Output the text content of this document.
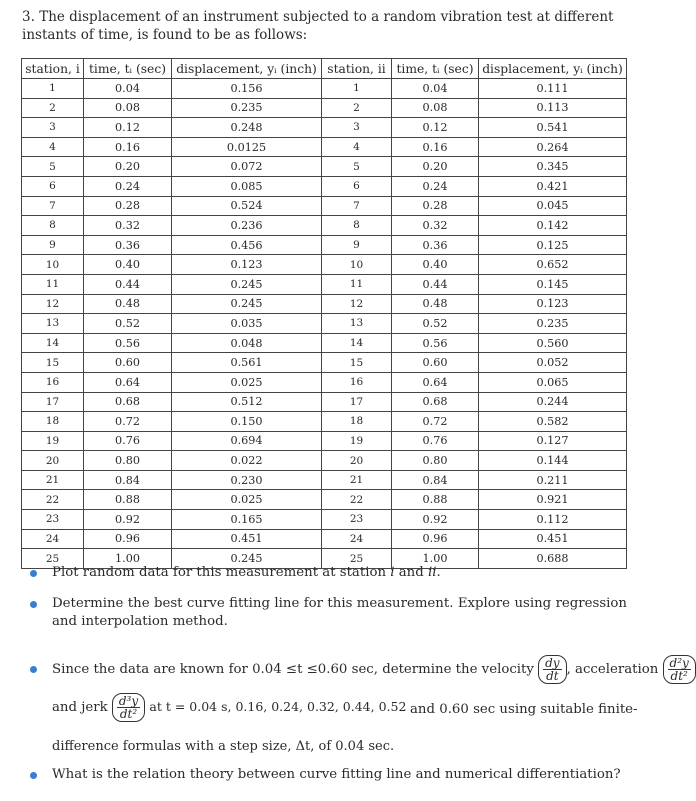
3. The displacement of an instrument subjected to a random vibration test at different instants of time, is found to be as follows:
station, i	time, tᵢ (sec)	displacement, yᵢ (inch)	station, ii	time, tᵢ (sec)	displacement, yᵢ (inch)
1	0.04	0.156	1	0.04	0.111
2	0.08	0.235	2	0.08	0.113
3	0.12	0.248	3	0.12	0.541
4	0.16	0.0125	4	0.16	0.264
5	0.20	0.072	5	0.20	0.345
6	0.24	0.085	6	0.24	0.421
7	0.28	0.524	7	0.28	0.045
8	0.32	0.236	8	0.32	0.142
9	0.36	0.456	9	0.36	0.125
10	0.40	0.123	10	0.40	0.652
11	0.44	0.245	11	0.44	0.145
12	0.48	0.245	12	0.48	0.123
13	0.52	0.035	13	0.52	0.235
14	0.56	0.048	14	0.56	0.560
15	0.60	0.561	15	0.60	0.052
16	0.64	0.025	16	0.64	0.065
17	0.68	0.512	17	0.68	0.244
18	0.72	0.150	18	0.72	0.582
19	0.76	0.694	19	0.76	0.127
20	0.80	0.022	20	0.80	0.144
21	0.84	0.230	21	0.84	0.211
22	0.88	0.025	22	0.88	0.921
23	0.92	0.165	23	0.92	0.112
24	0.96	0.451	24	0.96	0.451
25	1.00	0.245	25	1.00	0.688
Plot random data for this measurement at station i and ii.
Determine the best curve fitting line for this measurement. Explore using regression and interpolation method.
Since the data are known for 0.04 ≤t ≤0.60 sec, determine the velocity $\frac{dy}{dt}$ , acceleration $\frac{\text{d²y}}{\text{dt²}}$
and jerk $\frac{\text{d³y}}{\text{dt²}}$ at t = 0.04 s, 0.16, 0.24, 0.32, 0.44, 0.52 and 0.60 sec using suitable finite-
difference formulas with a step size, Δt, of 0.04 sec.
What is the relation theory between curve fitting line and numerical differentiation?
